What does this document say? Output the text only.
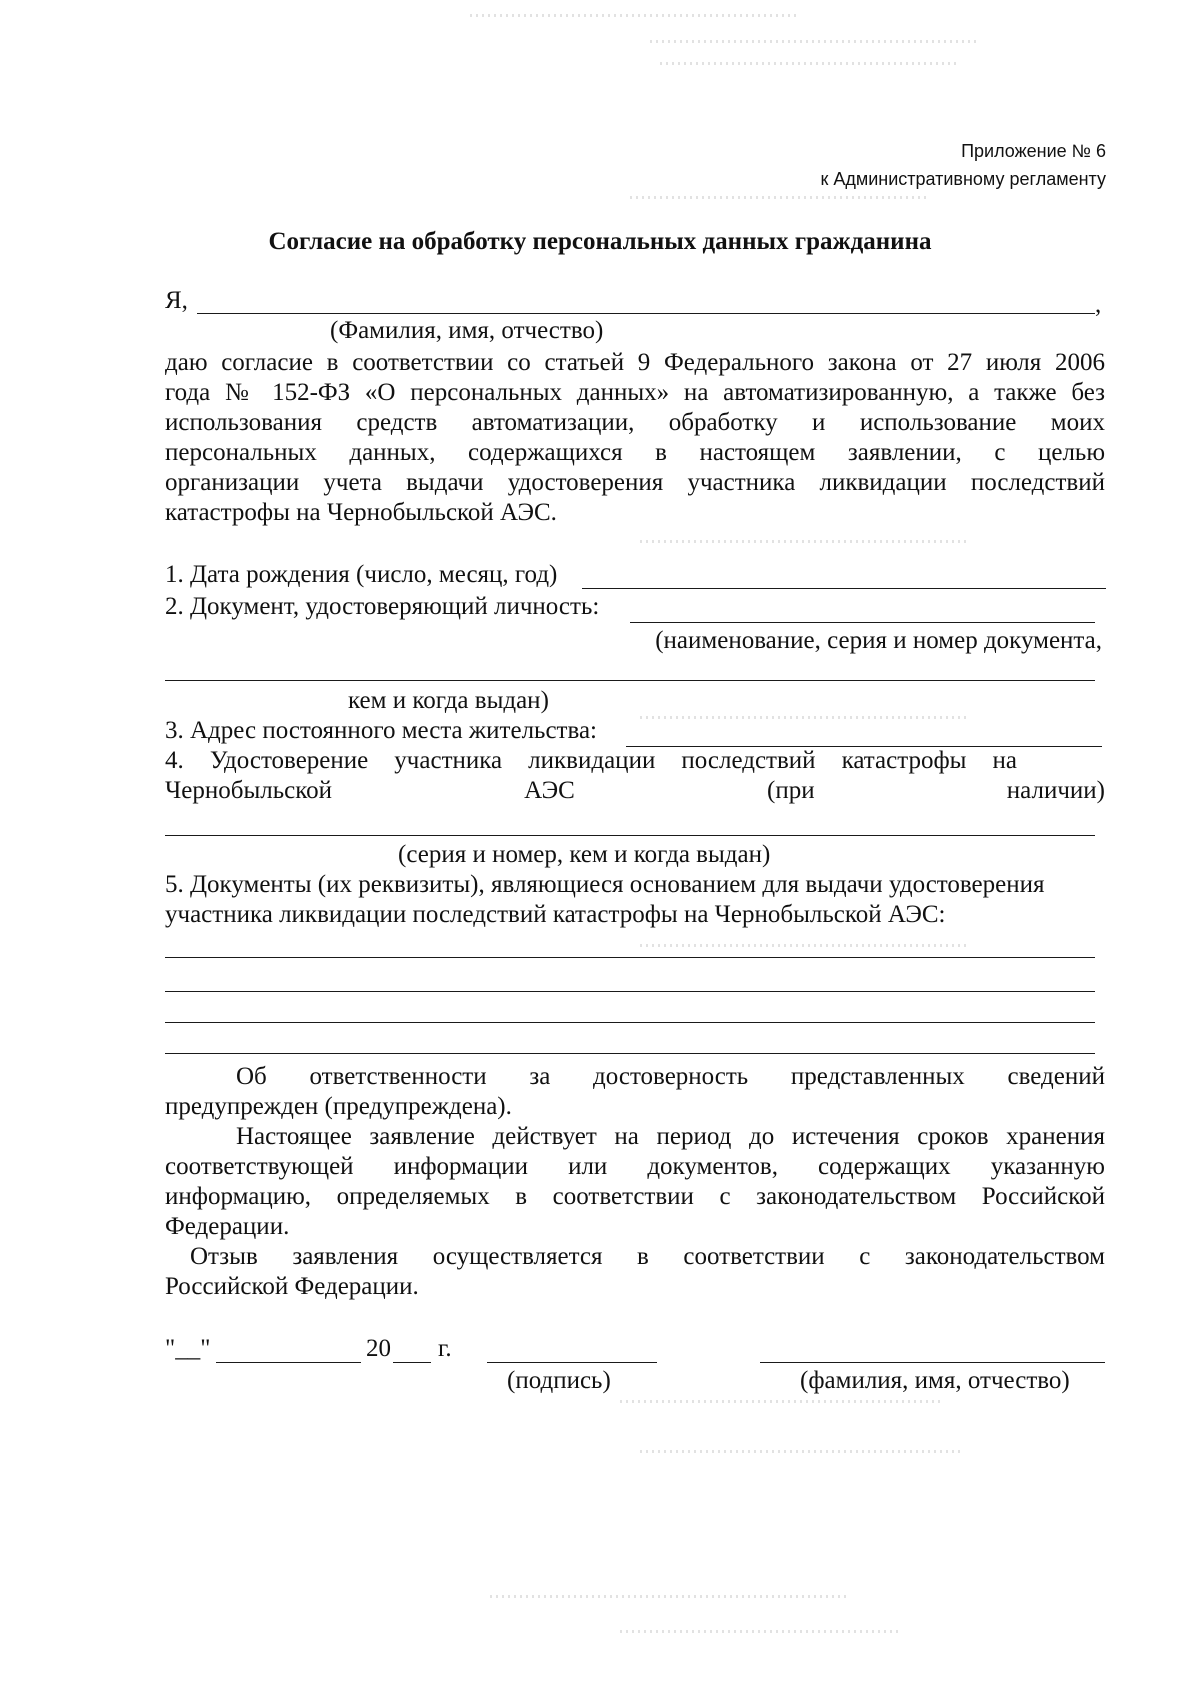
Приложение № 6
к Административному регламенту
Согласие на обработку персональных данных гражданина
Я,	,
(Фамилия, имя, отчество)
даю согласие в соответствии со статьей 9 Федерального закона от 27 июля 2006
года № 152-ФЗ «О персональных данных» на автоматизированную, а также без
использования средств автоматизации, обработку и использование моих
персональных данных, содержащихся в настоящем заявлении, с целью
организации учета выдачи удостоверения участника ликвидации последствий
катастрофы на Чернобыльской АЭС.
1. Дата рождения (число, месяц, год)
2. Документ, удостоверяющий личность:
(наименование, серия и номер документа,
кем и когда выдан)
3. Адрес постоянного места жительства:
4. Удостоверение участника ликвидации последствий катастрофы на
Чернобыльской АЭС (при наличии)
(серия и номер, кем и когда выдан)
5. Документы (их реквизиты), являющиеся основанием для выдачи удостоверения
участника ликвидации последствий катастрофы на Чернобыльской АЭС:
Об ответственности за достоверность представленных сведений
предупрежден (предупреждена).
Настоящее заявление действует на период до истечения сроков хранения
соответствующей информации или документов, содержащих указанную
информацию, определяемых в соответствии с законодательством Российской
Федерации.
Отзыв заявления осуществляется в соответствии с законодательством
Российской Федерации.
"__"	20 г.
(подпись)	(фамилия, имя, отчество)
